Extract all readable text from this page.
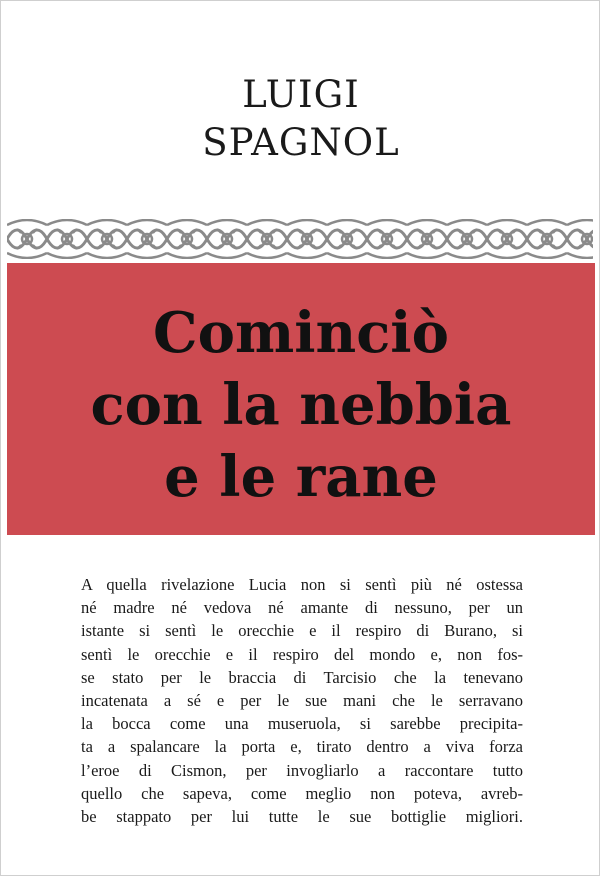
LUIGI
SPAGNOL
Cominciò
con la nebbia
e le rane
A quella rivelazione Lucia non si sentì più né ostessa
né madre né vedova né amante di nessuno, per un
istante si sentì le orecchie e il respiro di Burano, si
sentì le orecchie e il respiro del mondo e, non fos-
se stato per le braccia di Tarcisio che la tenevano
incatenata a sé e per le sue mani che le serravano
la bocca come una museruola, si sarebbe precipita-
ta a spalancare la porta e, tirato dentro a viva forza
l’eroe di Cismon, per invogliarlo a raccontare tutto
quello che sapeva, come meglio non poteva, avreb-
be stappato per lui tutte le sue bottiglie migliori.
